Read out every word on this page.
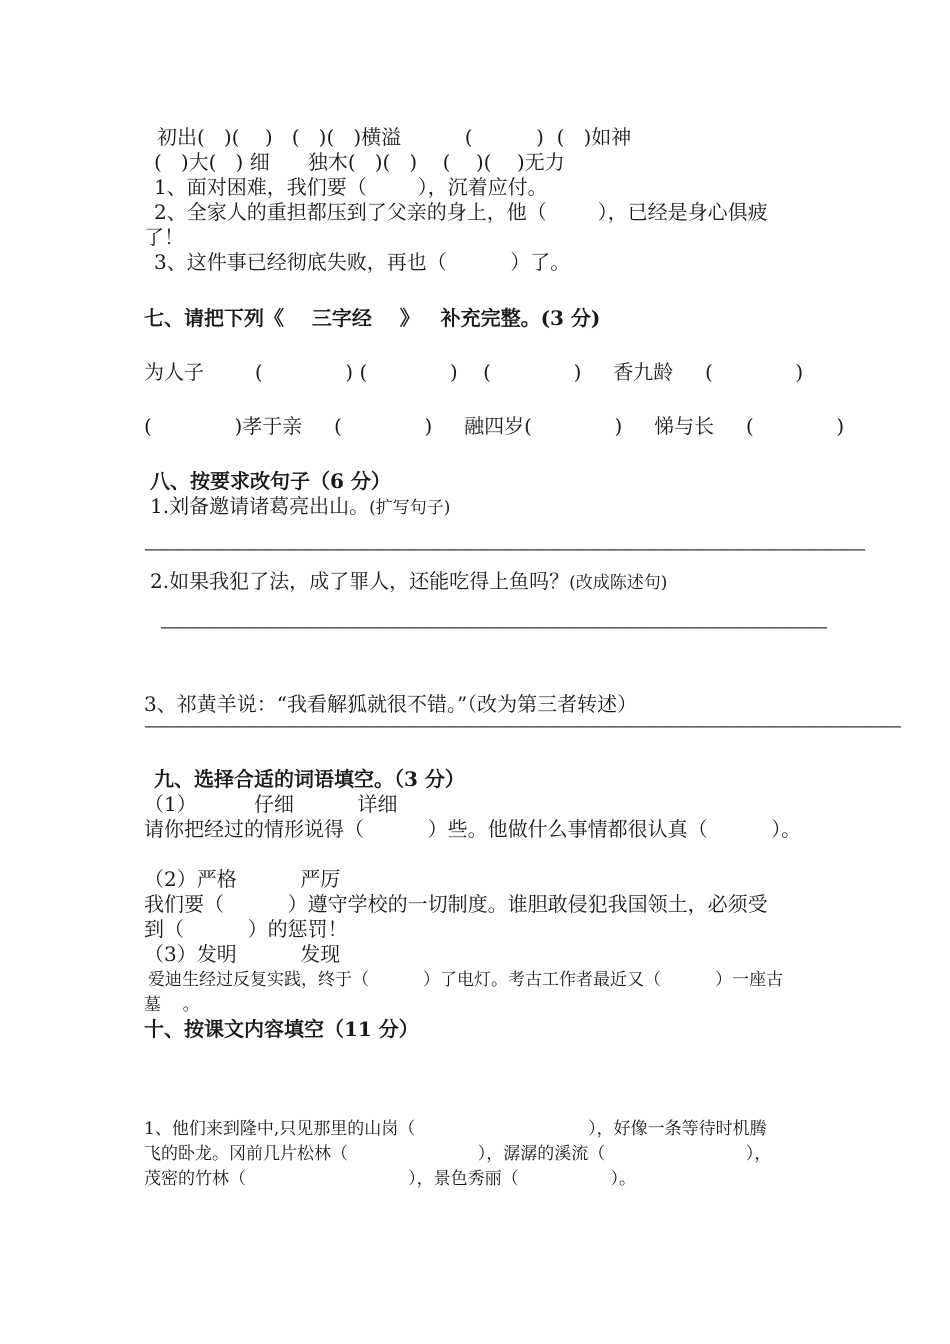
初出(   )(    )   (   )(   )横溢          (          )  (   )如神
(   )大(   ) 细      独木(   )(   )    (    )(    )无力
1、面对困难，我们要（        ），沉着应付。
2、全家人的重担都压到了父亲的身上，他（        ），已经是身心俱疲
了！
3、这件事已经彻底失败，再也（          ）了。
七、请把下列《    三字经    》   补充完整。(3 分)
为人子        (             ) (             )    (             )     香九龄     (             )
(             )孝于亲     (             )     融四岁(             )     悌与长     (             )
八、按要求改句子（6 分）
1.刘备邀请诸葛亮出山。(扩写句子)
————————————————————————————————————————
2.如果我犯了法，成了罪人，还能吃得上鱼吗？(改成陈述句)
—————————————————————————————————————
3、祁黄羊说：“我看解狐就很不错。”（改为第三者转述）
——————————————————————————————————————————
九、选择合适的词语填空。（3 分）
（1）         仔细          详细
请你把经过的情形说得（          ）些。他做什么事情都很认真（          ）。
（2）严格          严厉
我们要（          ）遵守学校的一切制度。谁胆敢侵犯我国领土，必须受
到（          ）的惩罚！
（3）发明          发现
爱迪生经过反复实践，终于（          ）了电灯。考古工作者最近又（          ）一座古
墓    。
十、按课文内容填空（11 分）
1、他们来到隆中,只见那里的山岗（                                ），好像一条等待时机腾
飞的卧龙。冈前几片松林（                        ），潺潺的溪流（                          ），
茂密的竹林（                              ），景色秀丽（                 ）。
